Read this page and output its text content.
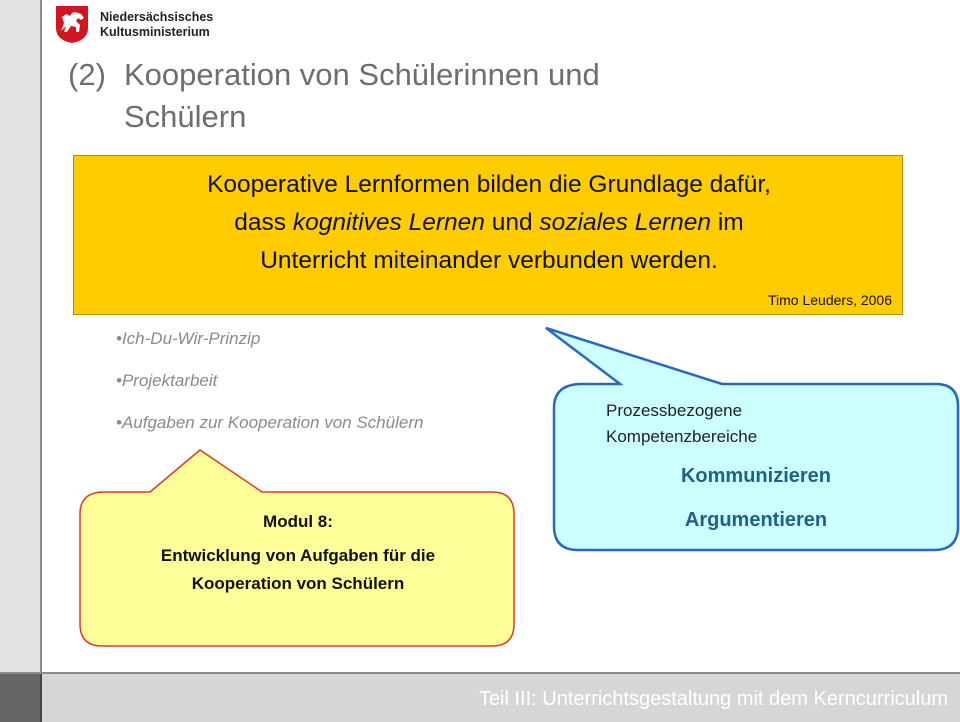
Niedersächsisches
Kultusministerium
(2) Kooperation von Schülerinnen und
Schülern
Kooperative Lernformen bilden die Grundlage dafür,
dass kognitives Lernen und soziales Lernen im
Unterricht miteinander verbunden werden.
Timo Leuders, 2006
•Ich-Du-Wir-Prinzip
•Projektarbeit
•Aufgaben zur Kooperation von Schülern
Prozessbezogene
Kompetenzbereiche
Kommunizieren
Argumentieren
Modul 8:
Entwicklung von Aufgaben für die
Kooperation von Schülern
Teil III: Unterrichtsgestaltung mit dem Kerncurriculum
